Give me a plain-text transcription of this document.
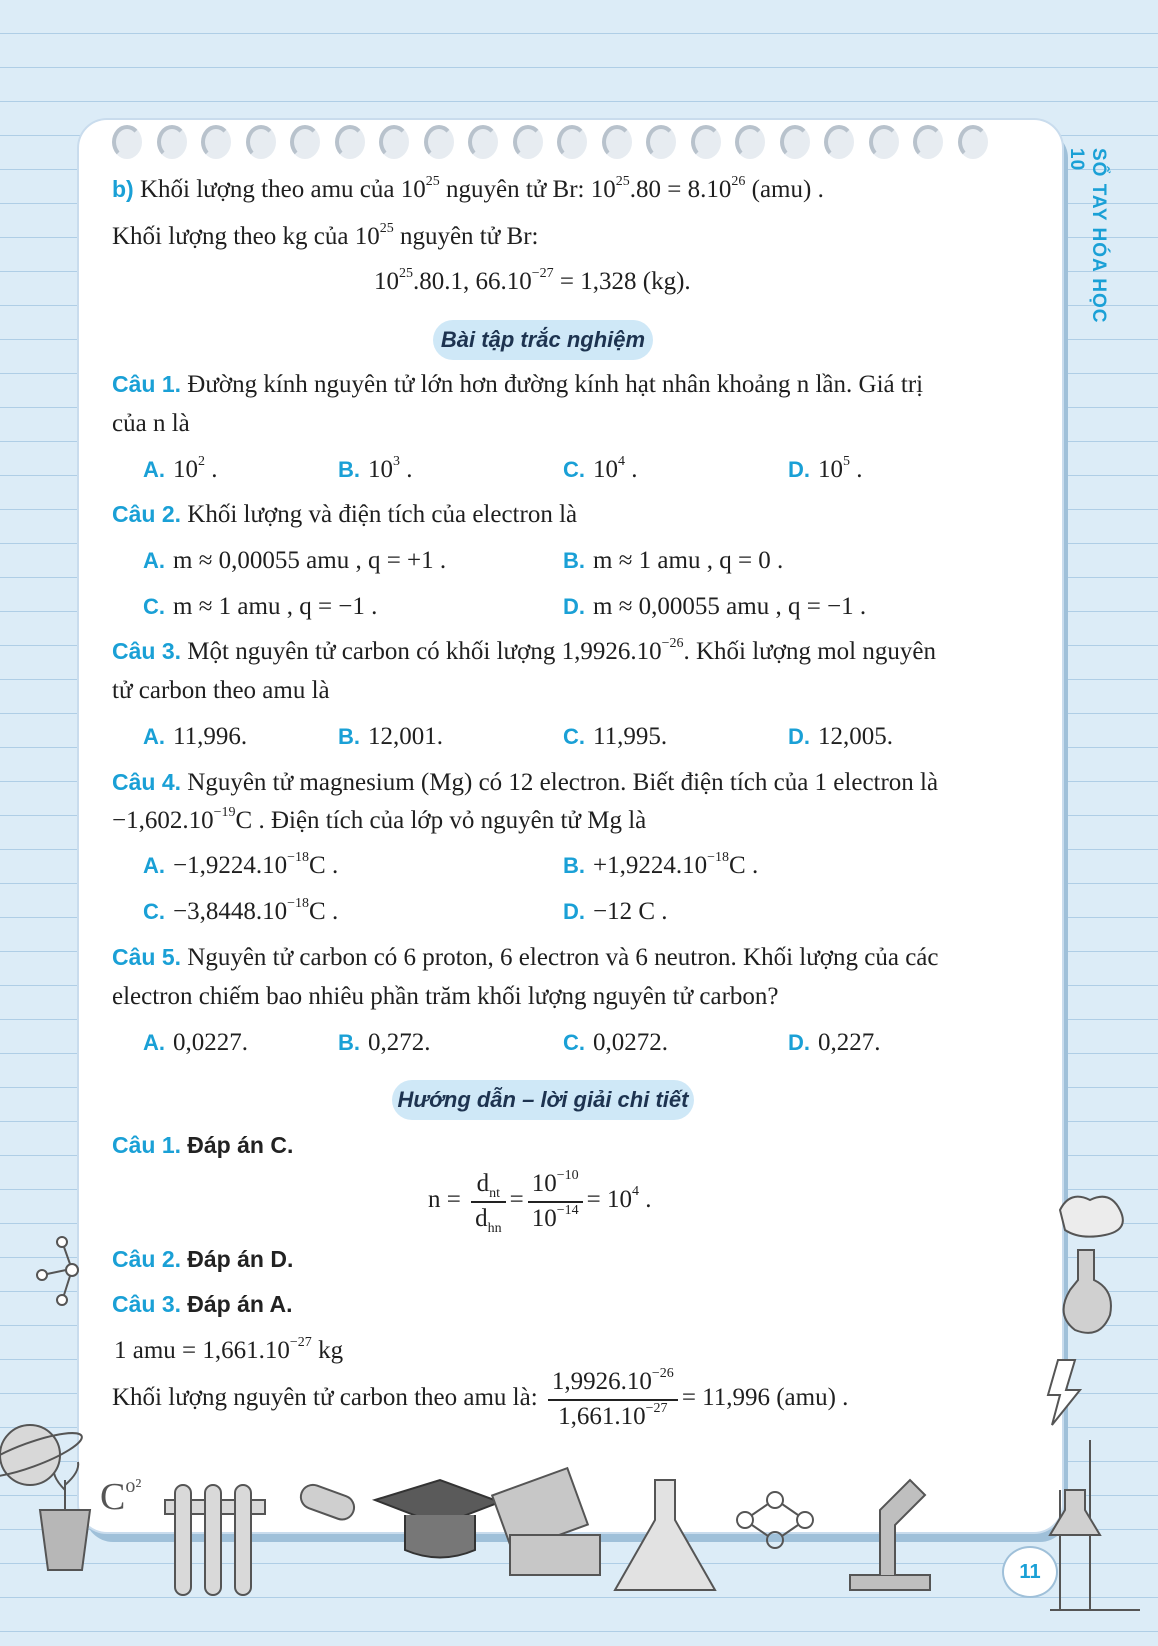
SỔ TAY HÓA HỌC 10
b) Khối lượng theo amu của $10^{25}$ nguyên tử Br: $10^{25}.80 = 8.10^{26}$ (amu) .
Khối lượng theo kg của $10^{25}$ nguyên tử Br:
$10^{25}.80.1$, $66.10^{-27} = 1,328$ (kg).
Bài tập trắc nghiệm
Câu 1. Đường kính nguyên tử lớn hơn đường kính hạt nhân khoảng n lần. Giá trị
của n là
A. $10^2$ .	B. $10^3$ .	C. $10^4$ .	D. $10^5$ .
Câu 2. Khối lượng và điện tích của electron là
A. m ≈ 0,00055 amu , q = +1 .	B. m ≈ 1 amu , q = 0 .
C. m ≈ 1 amu , q = −1 .	D. m ≈ 0,00055 amu , q = −1 .
Câu 3. Một nguyên tử carbon có khối lượng $1,9926.10^{-26}$. Khối lượng mol nguyên
tử carbon theo amu là
A. 11,996.	B. 12,001.	C. 11,995.	D. 12,005.
Câu 4. Nguyên tử magnesium (Mg) có 12 electron. Biết điện tích của 1 electron là
$-1,602.10^{-19}C$ . Điện tích của lớp vỏ nguyên tử Mg là
A. $-1,9224.10^{-18}C$ .	B. $+1,9224.10^{-18}C$ .
C. $-3,8448.10^{-18}C$ .	D. −12 C .
Câu 5. Nguyên tử carbon có 6 proton, 6 electron và 6 neutron. Khối lượng của các
electron chiếm bao nhiêu phần trăm khối lượng nguyên tử carbon?
A. 0,0227.	B. 0,272.	C. 0,0272.	D. 0,227.
Hướng dẫn – lời giải chi tiết
Câu 1. Đáp án C.
$n = \frac{d_{nt}}{d_{hn}} = \frac{10^{-10}}{10^{-14}} = 10^4$ .
Câu 2. Đáp án D.
Câu 3. Đáp án A.
1 amu = $1,661.10^{-27}$ kg
Khối lượng nguyên tử carbon theo amu là: $\frac{1,9926.10^{-26}}{1,661.10^{-27}} = 11,996$ (amu) .
$C^{o^2}$
11
